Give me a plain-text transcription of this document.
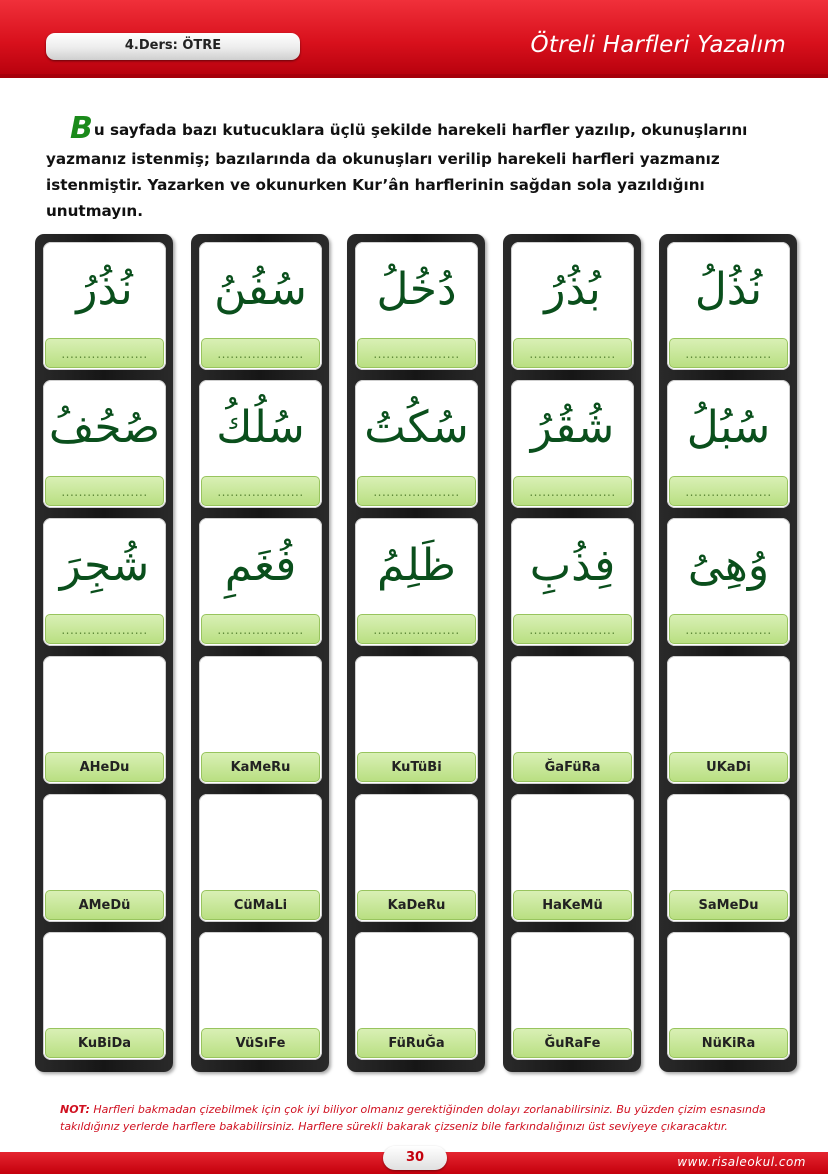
4.Ders: ÖTRE	Ötreli Harfleri Yazalım

Bu sayfada bazı kutucuklara üçlü şekilde harekeli harfler yazılıp, okunuşlarını yazmanız istenmiş; bazılarında da okunuşları verilip harekeli harfleri yazmanız istenmiştir. Yazarken ve okunurken Kur’ân harflerinin sağdan sola yazıldığını unutmayın.

نذر
....................
صحف
....................
شجر
....................
AHeDu
AMeDü
KuBiDa
سفن
....................
سلك
....................
فغم
....................
KaMeRu
CüMaLi
VüSıFe
دخل
....................
سكت
....................
ظلم
....................
KuTüBi
KaDeRu
FüRuĞa
بذر
....................
شقر
....................
فذب
....................
ĞaFüRa
HaKeMü
ĞuRaFe
نذل
....................
سبل
....................
وهى
....................
UKaDi
SaMeDu
NüKiRa

NOT: Harfleri bakmadan çizebilmek için çok iyi biliyor olmanız gerektiğinden dolayı zorlanabilirsiniz. Bu yüzden çizim esnasında takıldığınız yerlerde harflere bakabilirsiniz. Harflere sürekli bakarak çizseniz bile farkındalığınızı üst seviyeye çıkaracaktır.

30	www.risaleokul.com
